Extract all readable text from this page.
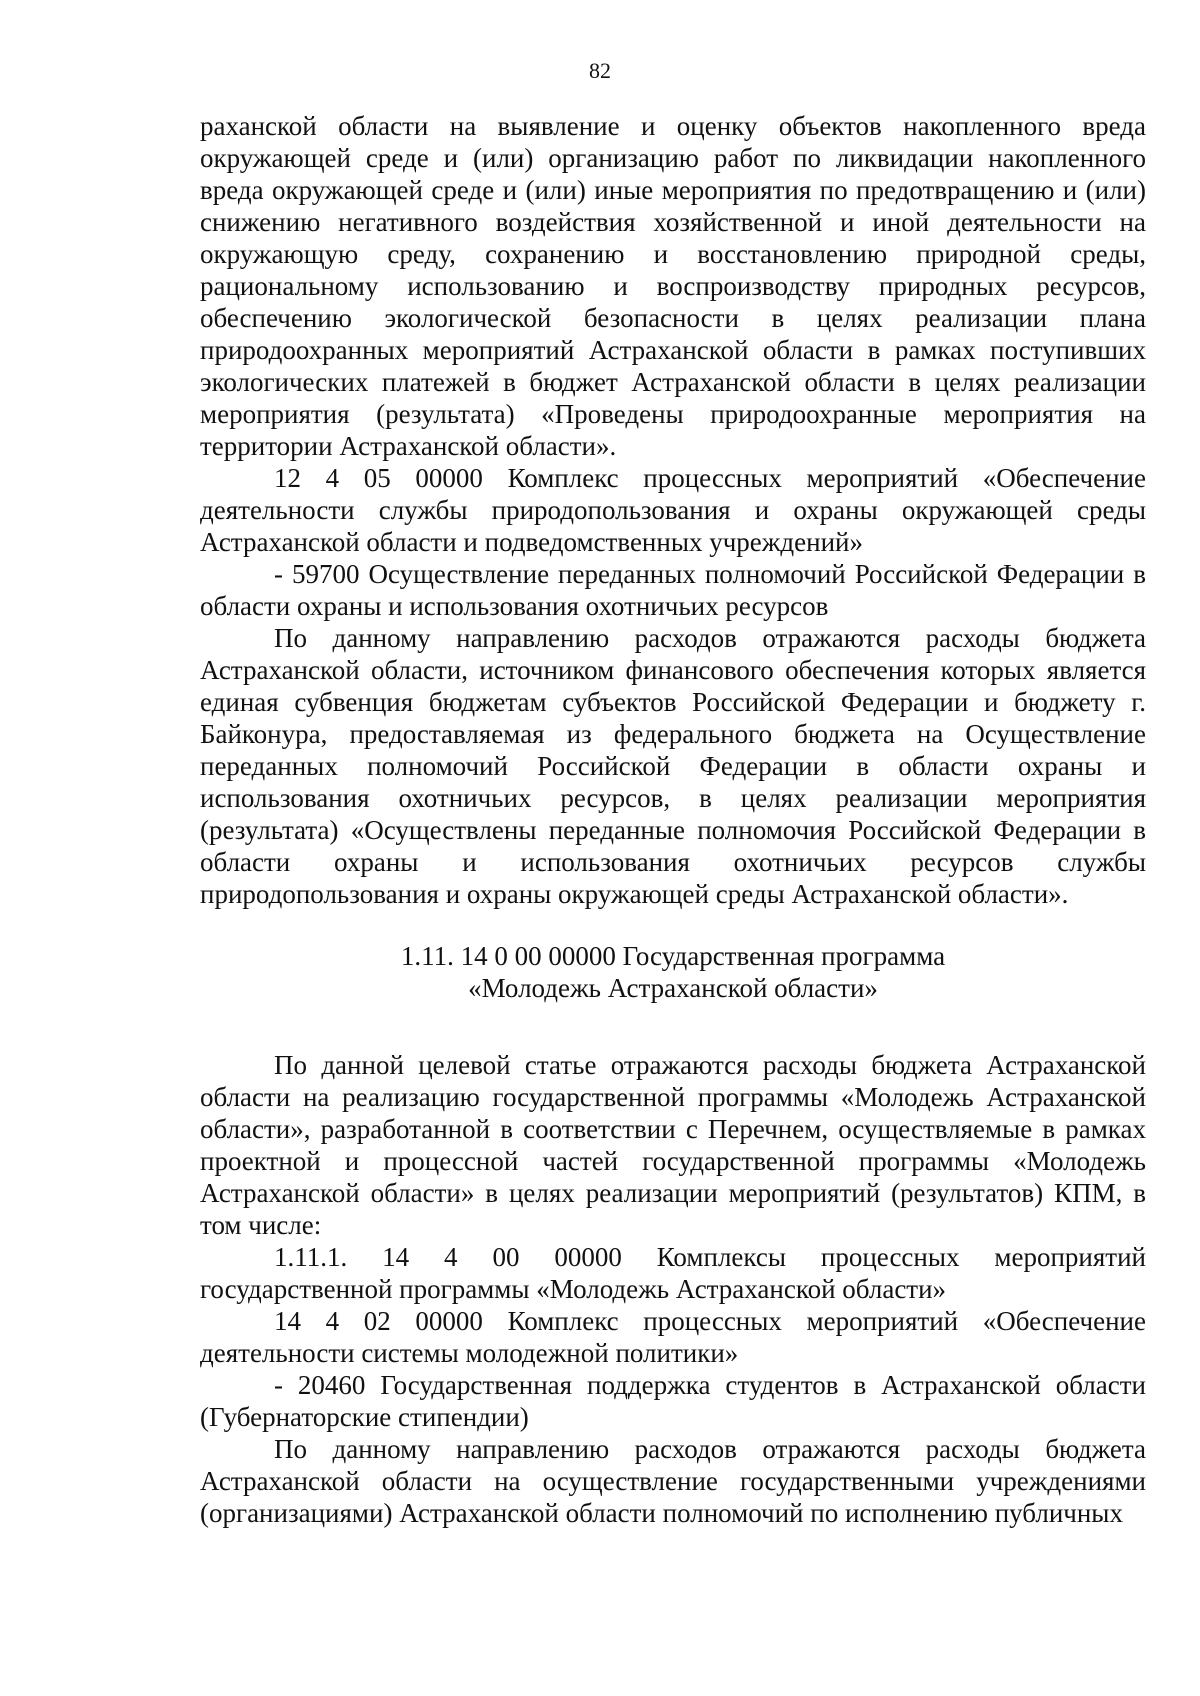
82

раханской области на выявление и оценку объектов накопленного вреда окружающей среде и (или) организацию работ по ликвидации накопленного вреда окружающей среде и (или) иные мероприятия по предотвращению и (или) снижению негативного воздействия хозяйственной и иной деятельности на окружающую среду, сохранению и восстановлению природной среды, рациональному использованию и воспроизводству природных ресурсов, обеспечению экологической безопасности в целях реализации плана природоохранных мероприятий Астраханской области в рамках поступивших экологических платежей в бюджет Астраханской области в целях реализации мероприятия (результата) «Проведены природоохранные мероприятия на территории Астраханской области».

12 4 05 00000 Комплекс процессных мероприятий «Обеспечение деятельности службы природопользования и охраны окружающей среды Астраханской области и подведомственных учреждений»

- 59700 Осуществление переданных полномочий Российской Федерации в области охраны и использования охотничьих ресурсов

По данному направлению расходов отражаются расходы бюджета Астраханской области, источником финансового обеспечения которых является единая субвенция бюджетам субъектов Российской Федерации и бюджету г. Байконура, предоставляемая из федерального бюджета на Осуществление переданных полномочий Российской Федерации в области охраны и использования охотничьих ресурсов, в целях реализации мероприятия (результата) «Осуществлены переданные полномочия Российской Федерации в области охраны и использования охотничьих ресурсов службы природопользования и охраны окружающей среды Астраханской области».

1.11. 14 0 00 00000 Государственная программа
«Молодежь Астраханской области»

По данной целевой статье отражаются расходы бюджета Астраханской области на реализацию государственной программы «Молодежь Астраханской области», разработанной в соответствии с Перечнем, осуществляемые в рамках проектной и процессной частей государственной программы «Молодежь Астраханской области» в целях реализации мероприятий (результатов) КПМ, в том числе:

1.11.1. 14 4 00 00000 Комплексы процессных мероприятий государственной программы «Молодежь Астраханской области»

14 4 02 00000 Комплекс процессных мероприятий «Обеспечение деятельности системы молодежной политики»

- 20460 Государственная поддержка студентов в Астраханской области (Губернаторские стипендии)

По данному направлению расходов отражаются расходы бюджета Астраханской области на осуществление государственными учреждениями (организациями) Астраханской области полномочий по исполнению публичных
